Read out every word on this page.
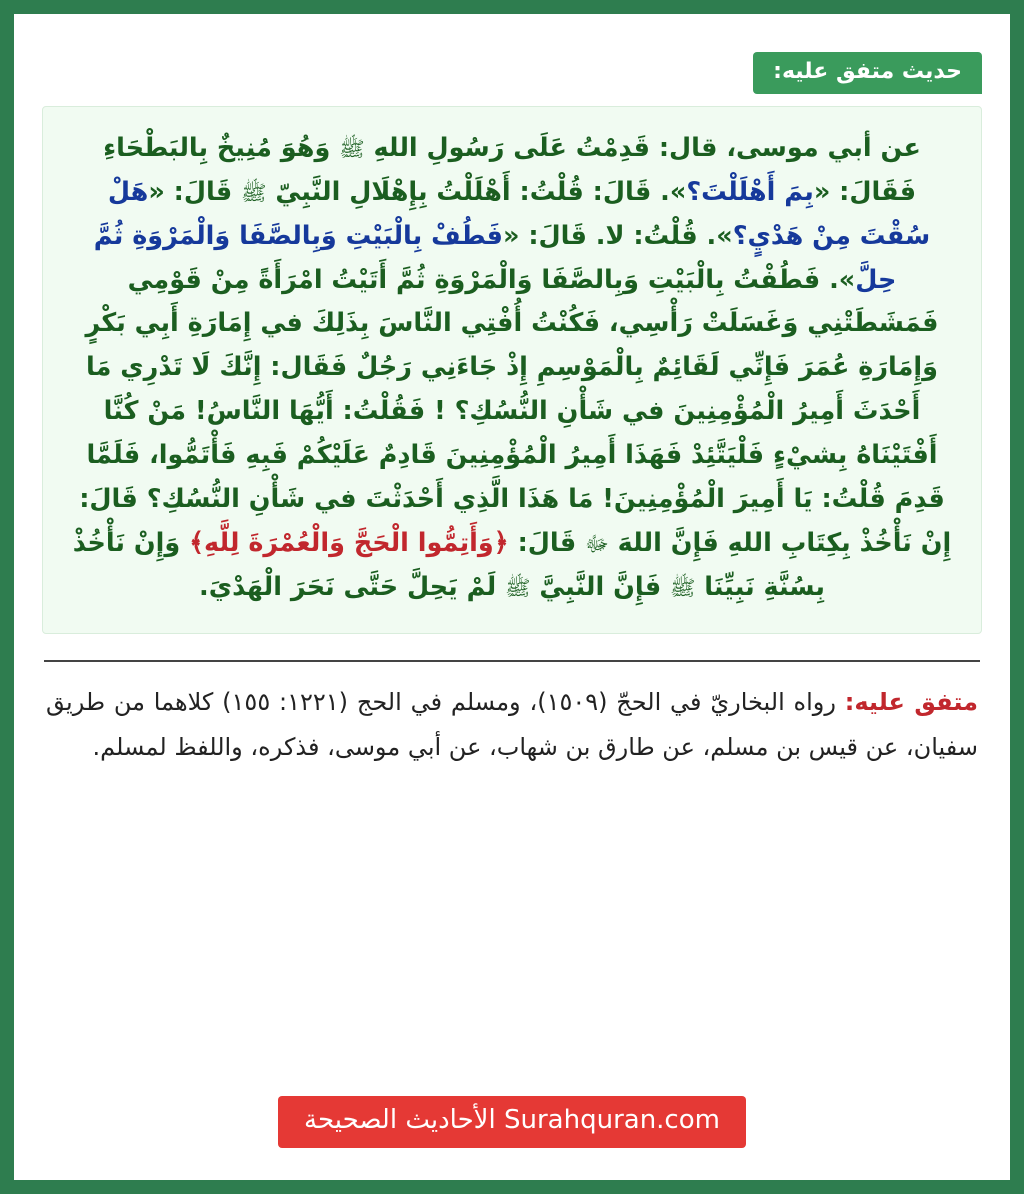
حديث متفق عليه:
عن أبي موسى، قال: قَدِمْتُ عَلَى رَسُولِ اللهِ ﷺ وَهُوَ مُنِيخٌ بِالبَطْحَاءِ فَقَالَ: «بِمَ أَهْلَلْتَ؟». قَالَ: قُلْتُ: أَهْلَلْتُ بِإِهْلَالِ النَّبِيّ ﷺ قَالَ: «هَلْ سُقْتَ مِنْ هَدْيٍ؟». قُلْتُ: لا. قَالَ: «فَطُفْ بِالْبَيْتِ وَبِالصَّفَا وَالْمَرْوَةِ ثُمَّ حِلَّ». فَطُفْتُ بِالْبَيْتِ وَبِالصَّفَا وَالْمَرْوَةِ ثُمَّ أَتَيْتُ امْرَأَةً مِنْ قَوْمِي فَمَشَطَتْنِي وَغَسَلَتْ رَأْسِي، فَكُنْتُ أُفْتِي النَّاسَ بِذَلِكَ في إِمَارَةِ أَبِي بَكْرٍ وَإِمَارَةِ عُمَرَ فَإِنِّي لَقَائِمٌ بِالْمَوْسِمِ إِذْ جَاءَنِي رَجُلٌ فَقَال: إِنَّكَ لَا تَدْرِي مَا أَحْدَثَ أَمِيرُ الْمُؤْمِنِينَ في شَأْنِ النُّسُكِ؟ ! فَقُلْتُ: أَيُّهَا النَّاسُ! مَنْ كُنَّا أَفْتَيْنَاهُ بِشيْءٍ فَلْيَتَّئِدْ فَهَذَا أَمِيرُ الْمُؤْمِنِينَ قَادِمٌ عَلَيْكُمْ فَبِهِ فَأْتَمُّوا، فَلَمَّا قَدِمَ قُلْتُ: يَا أَمِيرَ الْمُؤْمِنِينَ! مَا هَذَا الَّذِي أَحْدَثْتَ في شَأْنِ النُّسُكِ؟ قَالَ: إِنْ نَأْخُذْ بِكِتَابِ اللهِ فَإِنَّ اللهَ ﷻ قَالَ: ﴿وَأَتِمُّوا الْحَجَّ وَالْعُمْرَةَ لِلَّهِ﴾ وَإِنْ نَأْخُذْ بِسُنَّةِ نَبِيِّنَا ﷺ فَإِنَّ النَّبِيَّ ﷺ لَمْ يَحِلَّ حَتَّى نَحَرَ الْهَدْيَ.
متفق عليه: رواه البخاريّ في الحجّ (١٥٠٩)، ومسلم في الحج (١٢٢١: ١٥٥) كلاهما من طريق سفيان، عن قيس بن مسلم، عن طارق بن شهاب، عن أبي موسى، فذكره، واللفظ لمسلم.
Surahquran.com الأحاديث الصحيحة
